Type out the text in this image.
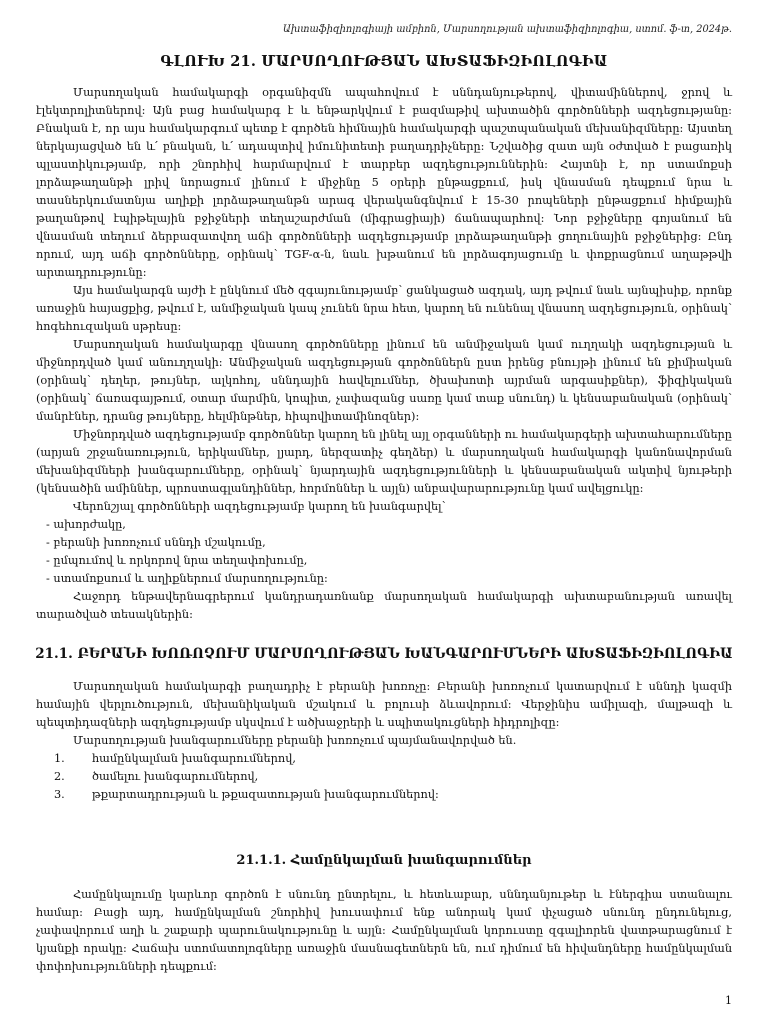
Ախտաֆիզիոլոգիայի ամբիոն, Մարսողության ախտաֆիզիոլոգիա, ստոմ. ֆ-տ, 2024թ.
ԳԼՈՒԽ 21. ՄԱՐՍՈՂՈՒԹՅԱՆ ԱԽՏԱՖԻԶԻՈԼՈԳԻԱ

Մարսողական համակարգի օրգանիզմն ապահովում է սննդանյութերով, վիտամիններով, ջրով և էլեկտրոլիտներով: Այն բաց համակարգ է և ենթարկվում է բազմաթիվ ախտածին գործոնների ազդեցությանը: Բնական է, որ այս համակարգում պետք է գործեն հիմնային համակարգի պաշտպանական մեխանիզմները: Այստեղ ներկայացված են և՛ բնական, և՛ ադապտիվ իմունիտետի բաղադրիչները: Նշվածից զատ այն օժտված է բացառիկ պլաստիկությամբ, որի շնորհիվ հարմարվում է տարբեր ազդեցություններին: Հայտնի է, որ ստամոքսի լորձաթաղանթի լրիվ նորացում լինում է միջինը 5 օրերի ընթացքում, իսկ վնասման դեպքում նրա և տասներկումատնյա աղիքի լորձաթաղանթն արագ վերականգնվում է 15-30 րոպեների ընթացքում հիմքային թաղանթով էպիթելային բջիջների տեղաշարժման (միգրացիայի) ճանապարհով: Նոր բջիջները գոյանում են վնասման տեղում ձերբազատվող աճի գործոնների ազդեցությամբ լորձաթաղանթի ցողունային բջիջներից: Ընդ որում, այդ աճի գործոնները, օրինակ՝ TGF-α-ն, նաև խթանում են լորձագոյացումը և փոքրացնում աղաթթվի արտադրությունը:

Այս համակարգն այժի է ընկնում մեծ զգայունությամբ՝ ցանկացած ազդակ, այդ թվում նաև այնպիսիք, որոնք առաջին հայացքից, թվում է, անմիջական կապ չունեն նրա հետ, կարող են ունենալ վնասող ազդեցություն, օրինակ՝ հոգեհուզական սթրեսը:

Մարսողական համակարգը վնասող գործոնները լինում են անմիջական կամ ուղղակի ազդեցության և միջնորդված կամ անուղղակի: Անմիջական ազդեցության գործոններն ըստ իրենց բնույթի լինում են քիմիական (օրինակ՝ դեղեր, թույներ, ալկոհոլ, սննդային հավելումներ, ծխախոտի այրման արգասիքներ), ֆիզիկական (օրինակ՝ ճառագայթում, օտար մարմին, կոպիտ, չափազանց սառը կամ տաք սնունդ) և կենսաբանական (օրինակ՝ մանրէներ, դրանց թույները, հելմինթներ, հիպովիտամինոզներ):

Միջնորդված ազդեցությամբ գործոններ կարող են լինել այլ օրգանների ու համակարգերի ախտահարումները (արյան շրջանառություն, երիկամներ, լյարդ, ներզատիչ գեղձեր) և մարսողական համակարգի կանոնավորման մեխանիզմների խանգարումները, օրինակ՝ նյարդային ազդեցությունների և կենսաբանական ակտիվ նյութերի (կենսածին ամիններ, պրոստագլանդիններ, հորմոններ և այլն) անբավարարությունը կամ ավելցուկը:

Վերոնշյալ գործոնների ազդեցությամբ կարող են խանգարվել՝

- ախորժակը,
- բերանի խոռոչում սննդի մշակումը,
- ըմպումով և որկորով նրա տեղափոխումը,
- ստամոքսում և աղիքներում մարսողությունը:

Հաջորդ ենթավերնագրերում կանդրադառնանք մարսողական համակարգի ախտաբանության առավել տարածված տեսակներին:

21.1. ԲԵՐԱՆԻ ԽՈՌՈՉՈՒՄ ՄԱՐՍՈՂՈՒԹՅԱՆ ԽԱՆԳԱՐՈՒՄՆԵՐԻ ԱԽՏԱՖԻԶԻՈԼՈԳԻԱ

Մարսողական համակարգի բաղադրիչ է բերանի խոռոչը: Բերանի խոռոչում կատարվում է սննդի կազմի համային վերլուծություն, մեխանիկական մշակում և բոլուսի ձևավորում: Վերջինիս ամիլազի, մալթազի և պեպտիդազների ազդեցությամբ սկսվում է ածխաջրերի և սպիտակուցների հիդրոլիզը:

Մարսողության խանգարումները բերանի խոռոչում պայմանավորված են.

1.	համընկալման խանգարումներով,
2.	ծամելու խանգարումներով,
3.	թքարտադրության և թքազատության խանգարումներով:
21.1.1. Համընկալման խանգարումներ

Համընկալումը կարևոր գործոն է սնունդ ընտրելու, և հետևաբար, սննդանյութեր և էներգիա ստանալու համար: Բացի այդ, համընկալման շնորհիվ խուսափում ենք անորակ կամ փչացած սնունդ ընդունելուց, չափավորում աղի և շաքարի պարունակությունը և այլն: Համընկալման կորուստը զգալիորեն վատթարացնում է կյանքի որակը: Հաճախ ստոմատոլոգները առաջին մասնագետներն են, ում դիմում են հիվանդները համընկալման փոփոխությունների դեպքում:

1
